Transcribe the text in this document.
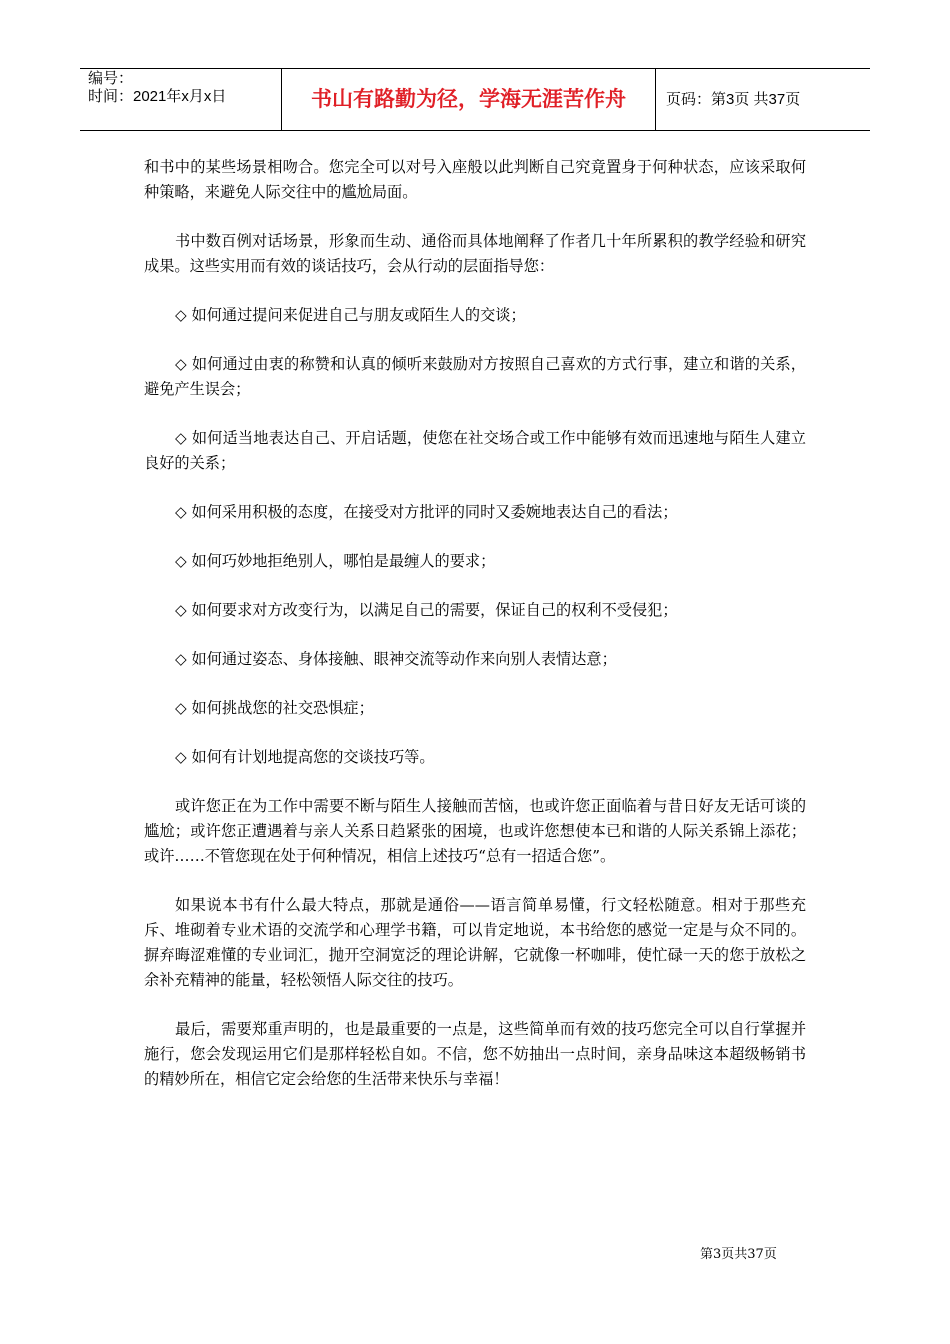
编号：
时间：2021年x月x日	书山有路勤为径，学海无涯苦作舟	页码：第3页 共37页

和书中的某些场景相吻合。您完全可以对号入座般以此判断自己究竟置身于何种状态，应该采取何种策略，来避免人际交往中的尴尬局面。

书中数百例对话场景，形象而生动、通俗而具体地阐释了作者几十年所累积的教学经验和研究成果。这些实用而有效的谈话技巧，会从行动的层面指导您：

◇ 如何通过提问来促进自己与朋友或陌生人的交谈；

◇ 如何通过由衷的称赞和认真的倾听来鼓励对方按照自己喜欢的方式行事，建立和谐的关系，避免产生误会；

◇ 如何适当地表达自己、开启话题，使您在社交场合或工作中能够有效而迅速地与陌生人建立良好的关系；

◇ 如何采用积极的态度，在接受对方批评的同时又委婉地表达自己的看法；

◇ 如何巧妙地拒绝别人，哪怕是最缠人的要求；

◇ 如何要求对方改变行为，以满足自己的需要，保证自己的权利不受侵犯；

◇ 如何通过姿态、身体接触、眼神交流等动作来向别人表情达意；

◇ 如何挑战您的社交恐惧症；

◇ 如何有计划地提高您的交谈技巧等。

或许您正在为工作中需要不断与陌生人接触而苦恼，也或许您正面临着与昔日好友无话可谈的尴尬；或许您正遭遇着与亲人关系日趋紧张的困境，也或许您想使本已和谐的人际关系锦上添花；或许……不管您现在处于何种情况，相信上述技巧“总有一招适合您”。

如果说本书有什么最大特点，那就是通俗——语言简单易懂，行文轻松随意。相对于那些充斥、堆砌着专业术语的交流学和心理学书籍，可以肯定地说，本书给您的感觉一定是与众不同的。摒弃晦涩难懂的专业词汇，抛开空洞宽泛的理论讲解，它就像一杯咖啡，使忙碌一天的您于放松之余补充精神的能量，轻松领悟人际交往的技巧。

最后，需要郑重声明的，也是最重要的一点是，这些简单而有效的技巧您完全可以自行掌握并施行，您会发现运用它们是那样轻松自如。不信，您不妨抽出一点时间，亲身品味这本超级畅销书的精妙所在，相信它定会给您的生活带来快乐与幸福！

第3页共37页
